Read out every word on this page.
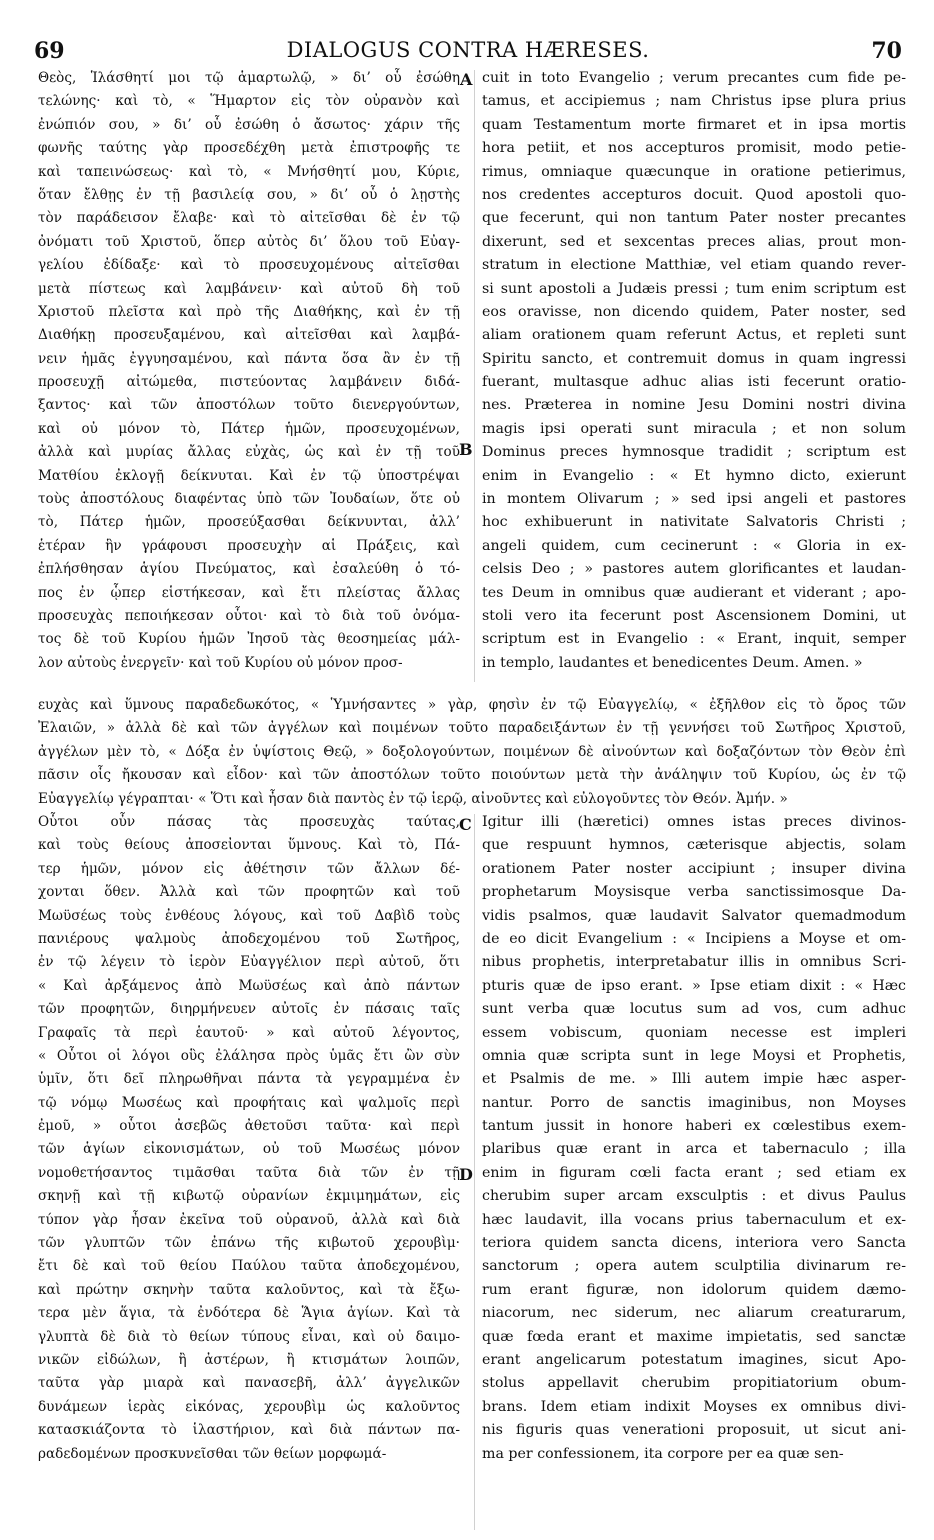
69	DIALOGUS CONTRA HÆRESES.	70
A
B
C
D
Θεὸς, Ἱλάσθητί μοι τῷ ἁμαρτωλῷ, » δι’ οὗ ἐσώθη
τελώνης· καὶ τὸ, « Ἥμαρτον εἰς τὸν οὐρανὸν καὶ
ἐνώπιόν σου, » δι’ οὗ ἐσώθη ὁ ἄσωτος· χάριν τῆς
φωνῆς ταύτης γὰρ προσεδέχθη μετὰ ἐπιστροφῆς τε
καὶ ταπεινώσεως· καὶ τὸ, « Μνήσθητί μου, Κύριε,
ὅταν ἔλθῃς ἐν τῇ βασιλείᾳ σου, » δι’ οὗ ὁ λῃστὴς
τὸν παράδεισον ἔλαβε· καὶ τὸ αἰτεῖσθαι δὲ ἐν τῷ
ὀνόματι τοῦ Χριστοῦ, ὅπερ αὐτὸς δι’ ὅλου τοῦ Εὐαγ-
γελίου ἐδίδαξε· καὶ τὸ προσευχομένους αἰτεῖσθαι
μετὰ πίστεως καὶ λαμβάνειν· καὶ αὐτοῦ δὴ τοῦ
Χριστοῦ πλεῖστα καὶ πρὸ τῆς Διαθήκης, καὶ ἐν τῇ
Διαθήκῃ προσευξαμένου, καὶ αἰτεῖσθαι καὶ λαμβά-
νειν ἡμᾶς ἐγγυησαμένου, καὶ πάντα ὅσα ἂν ἐν τῇ
προσευχῇ αἰτώμεθα, πιστεύοντας λαμβάνειν διδά-
ξαντος· καὶ τῶν ἀποστόλων τοῦτο διενεργούντων,
καὶ οὐ μόνον τὸ, Πάτερ ἡμῶν, προσευχομένων,
ἀλλὰ καὶ μυρίας ἄλλας εὐχὰς, ὡς καὶ ἐν τῇ τοῦ
Ματθίου ἐκλογῇ δείκνυται. Καὶ ἐν τῷ ὑποστρέψαι
τοὺς ἀποστόλους διαφέντας ὑπὸ τῶν Ἰουδαίων, ὅτε οὐ
τὸ, Πάτερ ἡμῶν, προσεύξασθαι δείκνυνται, ἀλλ’
ἑτέραν ἣν γράφουσι προσευχὴν αἱ Πράξεις, καὶ
ἐπλήσθησαν ἁγίου Πνεύματος, καὶ ἐσαλεύθη ὁ τό-
πος ἐν ᾧπερ εἱστήκεσαν, καὶ ἔτι πλείστας ἄλλας
προσευχὰς πεποιήκεσαν οὗτοι· καὶ τὸ διὰ τοῦ ὀνόμα-
τος δὲ τοῦ Κυρίου ἡμῶν Ἰησοῦ τὰς θεοσημείας μάλ-
λον αὐτοὺς ἐνεργεῖν· καὶ τοῦ Κυρίου οὐ μόνον προσ-
cuit in toto Evangelio ; verum precantes cum fide pe-
tamus, et accipiemus ; nam Christus ipse plura prius
quam Testamentum morte firmaret et in ipsa mortis
hora petiit, et nos accepturos promisit, modo petie-
rimus, omniaque quæcunque in oratione petierimus,
nos credentes accepturos docuit. Quod apostoli quo-
que fecerunt, qui non tantum Pater noster precantes
dixerunt, sed et sexcentas preces alias, prout mon-
stratum in electione Matthiæ, vel etiam quando rever-
si sunt apostoli a Judæis pressi ; tum enim scriptum est
eos oravisse, non dicendo quidem, Pater noster, sed
aliam orationem quam referunt Actus, et repleti sunt
Spiritu sancto, et contremuit domus in quam ingressi
fuerant, multasque adhuc alias isti fecerunt oratio-
nes. Præterea in nomine Jesu Domini nostri divina
magis ipsi operati sunt miracula ; et non solum
Dominus preces hymnosque tradidit ; scriptum est
enim in Evangelio : « Et hymno dicto, exierunt
in montem Olivarum ; » sed ipsi angeli et pastores
hoc exhibuerunt in nativitate Salvatoris Christi ;
angeli quidem, cum cecinerunt : « Gloria in ex-
celsis Deo ; » pastores autem glorificantes et laudan-
tes Deum in omnibus quæ audierant et viderant ; apo-
stoli vero ita fecerunt post Ascensionem Domini, ut
scriptum est in Evangelio : « Erant, inquit, semper
in templo, laudantes et benedicentes Deum. Amen. »
ευχὰς καὶ ὕμνους παραδεδωκότος, « Ὑμνήσαντες » γὰρ, φησὶν ἐν τῷ Εὐαγγελίῳ, « ἐξῆλθον εἰς τὸ ὄρος τῶν
Ἐλαιῶν, » ἀλλὰ δὲ καὶ τῶν ἀγγέλων καὶ ποιμένων τοῦτο παραδειξάντων ἐν τῇ γεννήσει τοῦ Σωτῆρος Χριστοῦ,
ἀγγέλων μὲν τὸ, « Δόξα ἐν ὑψίστοις Θεῷ, » δοξολογούντων, ποιμένων δὲ αἰνούντων καὶ δοξαζόντων τὸν Θεὸν ἐπὶ
πᾶσιν οἷς ἤκουσαν καὶ εἶδον· καὶ τῶν ἀποστόλων τοῦτο ποιούντων μετὰ τὴν ἀνάληψιν τοῦ Κυρίου, ὡς ἐν τῷ
Εὐαγγελίῳ γέγραπται· « Ὅτι καὶ ἦσαν διὰ παντὸς ἐν τῷ ἱερῷ, αἰνοῦντες καὶ εὐλογοῦντες τὸν Θεόν. Ἀμήν. »
Οὗτοι οὖν πάσας τὰς προσευχὰς ταύτας,
καὶ τοὺς θείους ἀποσεἰονται ὕμνους. Καὶ τὸ, Πά-
τερ ἡμῶν, μόνον εἰς ἀθέτησιν τῶν ἄλλων δέ-
χονται ὅθεν. Ἀλλὰ καὶ τῶν προφητῶν καὶ τοῦ
Μωϋσέως τοὺς ἐνθέους λόγους, καὶ τοῦ Δαβὶδ τοὺς
πανιέρους ψαλμοὺς ἀποδεχομένου τοῦ Σωτῆρος,
ἐν τῷ λέγειν τὸ ἱερὸν Εὐαγγέλιον περὶ αὐτοῦ, ὅτι
« Καὶ ἀρξάμενος ἀπὸ Μωϋσέως καὶ ἀπὸ πάντων
τῶν προφητῶν, διηρμήνευεν αὐτοῖς ἐν πάσαις ταῖς
Γραφαῖς τὰ περὶ ἑαυτοῦ· » καὶ αὐτοῦ λέγοντος,
« Οὗτοι οἱ λόγοι οὓς ἐλάλησα πρὸς ὑμᾶς ἔτι ὢν σὺν
ὑμῖν, ὅτι δεῖ πληρωθῆναι πάντα τὰ γεγραμμένα ἐν
τῷ νόμῳ Μωσέως καὶ προφήταις καὶ ψαλμοῖς περὶ
ἐμοῦ, » οὗτοι ἀσεβῶς ἀθετοῦσι ταῦτα· καὶ περὶ
τῶν ἁγίων εἰκονισμάτων, οὐ τοῦ Μωσέως μόνον
νομοθετήσαντος τιμᾶσθαι ταῦτα διὰ τῶν ἐν τῇ
σκηνῇ καὶ τῇ κιβωτῷ οὐρανίων ἐκμιμημάτων, εἰς
τύπον γὰρ ἦσαν ἐκεῖνα τοῦ οὐρανοῦ, ἀλλὰ καὶ διὰ
τῶν γλυπτῶν τῶν ἐπάνω τῆς κιβωτοῦ χερουβὶμ·
ἔτι δὲ καὶ τοῦ θείου Παύλου ταῦτα ἀποδεχομένου,
καὶ πρώτην σκηνὴν ταῦτα καλοῦντος, καὶ τὰ ἔξω-
τερα μὲν ἅγια, τὰ ἐνδότερα δὲ Ἅγια ἁγίων. Καὶ τὰ
γλυπτὰ δὲ διὰ τὸ θείων τύπους εἶναι, καὶ οὐ δαιμο-
νικῶν εἰδώλων, ἢ ἀστέρων, ἢ κτισμάτων λοιπῶν,
ταῦτα γὰρ μιαρὰ καὶ πανασεβῆ, ἀλλ’ ἀγγελικῶν
δυνάμεων ἱερὰς εἰκόνας, χερουβὶμ ὡς καλοῦντος
κατασκιάζοντα τὸ ἱλαστήριον, καὶ διὰ πάντων πα-
ραδεδομένων προσκυνεῖσθαι τῶν θείων μορφωμά-
Igitur illi (hæretici) omnes istas preces divinos-
que respuunt hymnos, cæterisque abjectis, solam
orationem Pater noster accipiunt ; insuper divina
prophetarum Moysisque verba sanctissimosque Da-
vidis psalmos, quæ laudavit Salvator quemadmodum
de eo dicit Evangelium : « Incipiens a Moyse et om-
nibus prophetis, interpretabatur illis in omnibus Scri-
pturis quæ de ipso erant. » Ipse etiam dixit : « Hæc
sunt verba quæ locutus sum ad vos, cum adhuc
essem vobiscum, quoniam necesse est impleri
omnia quæ scripta sunt in lege Moysi et Prophetis,
et Psalmis de me. » Illi autem impie hæc asper-
nantur. Porro de sanctis imaginibus, non Moyses
tantum jussit in honore haberi ex cœlestibus exem-
plaribus quæ erant in arca et tabernaculo ; illa
enim in figuram cœli facta erant ; sed etiam ex
cherubim super arcam exsculptis : et divus Paulus
hæc laudavit, illa vocans prius tabernaculum et ex-
teriora quidem sancta dicens, interiora vero Sancta
sanctorum ; opera autem sculptilia divinarum re-
rum erant figuræ, non idolorum quidem dæmo-
niacorum, nec siderum, nec aliarum creaturarum,
quæ fœda erant et maxime impietatis, sed sanctæ
erant angelicarum potestatum imagines, sicut Apo-
stolus appellavit cherubim propitiatorium obum-
brans. Idem etiam indixit Moyses ex omnibus divi-
nis figuris quas venerationi proposuit, ut sicut ani-
ma per confessionem, ita corpore per ea quæ sen-
